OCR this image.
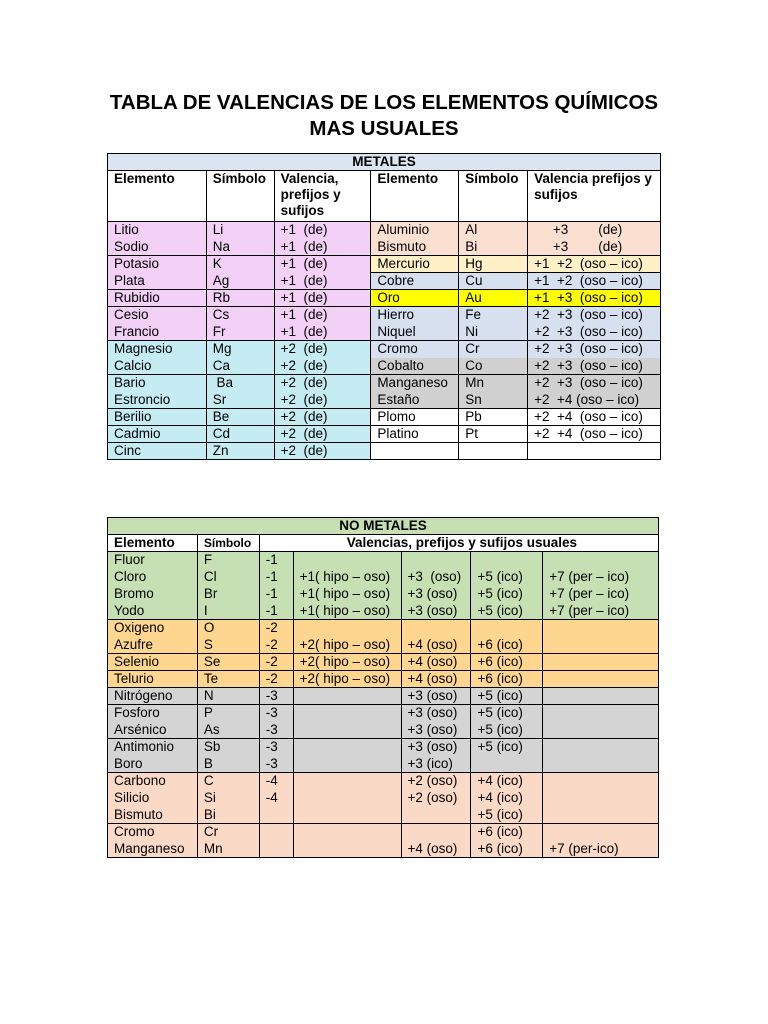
TABLA DE VALENCIAS DE LOS ELEMENTOS QUÍMICOS
MAS USUALES
METALES					
Elemento	Símbolo	Valencia, prefijos y sufijos	Elemento	Símbolo	Valencia prefijos y sufijos
Litio	Li	+1  (de)	Aluminio	Al	+3        (de)
Sodio	Na	+1  (de)	Bismuto	Bi	+3        (de)
Potasio	K	+1  (de)	Mercurio	Hg	+1  +2  (oso – ico)
Plata	Ag	+1  (de)	Cobre	Cu	+1  +2  (oso – ico)
Rubidio	Rb	+1  (de)	Oro	Au	+1  +3  (oso – ico)
Cesio	Cs	+1  (de)	Hierro	Fe	+2  +3  (oso – ico)
Francio	Fr	+1  (de)	Niquel	Ni	+2  +3  (oso – ico)
Magnesio	Mg	+2  (de)	Cromo	Cr	+2  +3  (oso – ico)
Calcio	Ca	+2  (de)	Cobalto	Co	+2  +3  (oso – ico)
Bario	Ba	+2  (de)	Manganeso	Mn	+2  +3  (oso – ico)
Estroncio	Sr	+2  (de)	Estaño	Sn	+2  +4 (oso – ico)
Berilio	Be	+2  (de)	Plomo	Pb	+2  +4  (oso – ico)
Cadmio	Cd	+2  (de)	Platino	Pt	+2  +4  (oso – ico)
Cinc	Zn	+2  (de)			
NO METALES						
Elemento	Símbolo	Valencias, prefijos y sufijos usuales				
Fluor	F	-1				
Cloro	Cl	-1	+1( hipo – oso)	+3  (oso)	+5 (ico)	+7 (per – ico)
Bromo	Br	-1	+1( hipo – oso)	+3 (oso)	+5 (ico)	+7 (per – ico)
Yodo	I	-1	+1( hipo – oso)	+3 (oso)	+5 (ico)	+7 (per – ico)
Oxigeno	O	-2				
Azufre	S	-2	+2( hipo – oso)	+4 (oso)	+6 (ico)	
Selenio	Se	-2	+2( hipo – oso)	+4 (oso)	+6 (ico)	
Telurio	Te	-2	+2( hipo – oso)	+4 (oso)	+6 (ico)	
Nitrógeno	N	-3		+3 (oso)	+5 (ico)	
Fosforo	P	-3		+3 (oso)	+5 (ico)	
Arsénico	As	-3		+3 (oso)	+5 (ico)	
Antimonio	Sb	-3		+3 (oso)	+5 (ico)	
Boro	B	-3		+3 (ico)		
Carbono	C	-4		+2 (oso)	+4 (ico)	
Silicio	Si	-4		+2 (oso)	+4 (ico)	
Bismuto	Bi				+5 (ico)	
Cromo	Cr				+6 (ico)	
Manganeso	Mn			+4 (oso)	+6 (ico)	+7 (per-ico)
